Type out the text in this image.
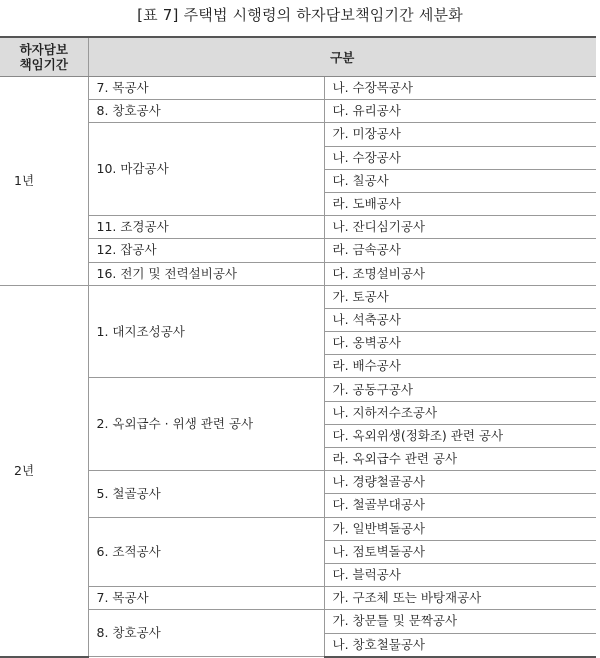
[표 7] 주택법 시행령의 하자담보책임기간 세분화
하자담보
책임기간	구분	
1년	7. 목공사	나. 수장목공사
	8. 창호공사	다. 유리공사
	10. 마감공사	가. 미장공사
		나. 수장공사
		다. 칠공사
		라. 도배공사
	11. 조경공사	나. 잔디심기공사
	12. 잡공사	라. 금속공사
	16. 전기 및 전력설비공사	다. 조명설비공사
2년	1. 대지조성공사	가. 토공사
		나. 석축공사
		다. 옹벽공사
		라. 배수공사
	2. 옥외급수 · 위생 관련 공사	가. 공동구공사
		나. 지하저수조공사
		다. 옥외위생(정화조) 관련 공사
		라. 옥외급수 관련 공사
	5. 철골공사	나. 경량철골공사
		다. 철골부대공사
	6. 조적공사	가. 일반벽돌공사
		나. 점토벽돌공사
		다. 블럭공사
	7. 목공사	가. 구조체 또는 바탕재공사
	8. 창호공사	가. 창문틀 및 문짝공사
		나. 창호철물공사
